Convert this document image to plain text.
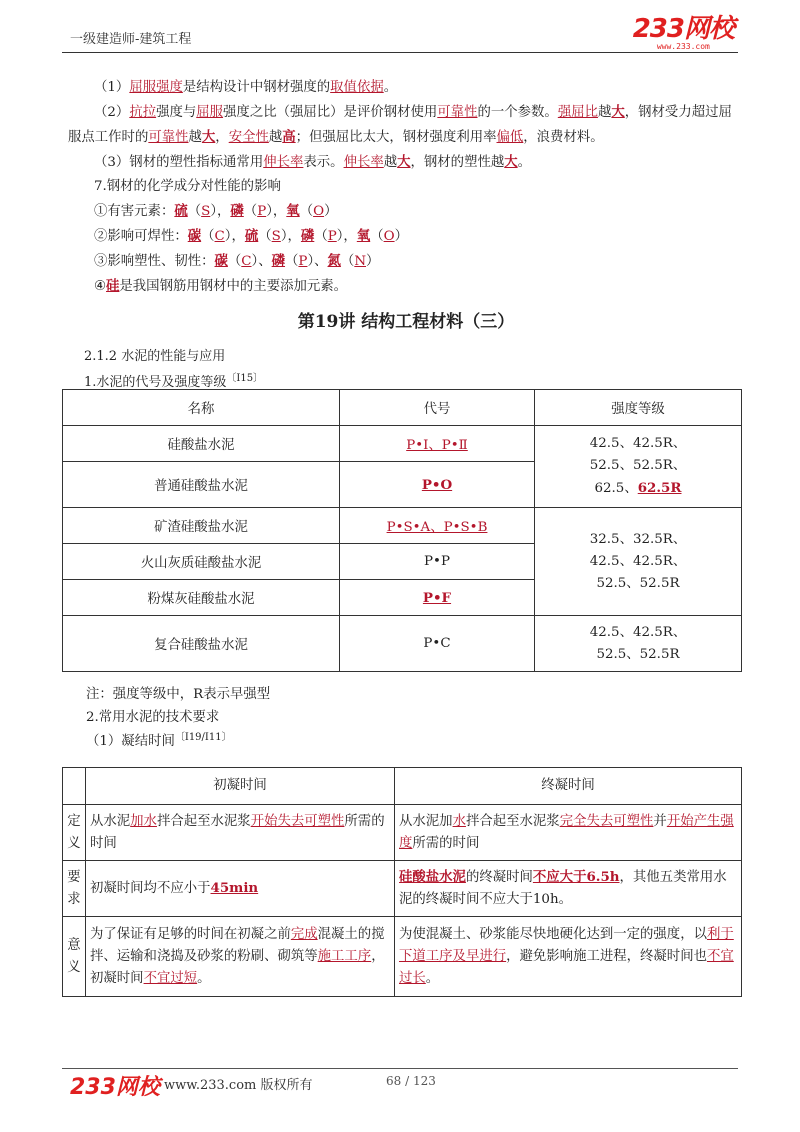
一级建造师-建筑工程	233网校
www.233.com

（1）屈服强度是结构设计中钢材强度的取值依据。

（2）抗拉强度与屈服强度之比（强屈比）是评价钢材使用可靠性的一个参数。强屈比越大，钢材受力超过屈服点工作时的可靠性越大，安全性越高；但强屈比太大，钢材强度利用率偏低，浪费材料。

（3）钢材的塑性指标通常用伸长率表示。伸长率越大，钢材的塑性越大。

7.钢材的化学成分对性能的影响

①有害元素：硫（S），磷（P），氧（O）

②影响可焊性：碳（C），硫（S），磷（P），氧（O）

③影响塑性、韧性：碳（C）、磷（P）、氮（N）

④硅是我国钢筋用钢材中的主要添加元素。

第19讲 结构工程材料（三）

2.1.2 水泥的性能与应用

1.水泥的代号及强度等级$^{〔Ⅰ15〕}$

名称	代号	强度等级
硅酸盐水泥	P•Ⅰ、P•Ⅱ	42.5、42.5R、
52.5、52.5R、
62.5、62.5R

普通硅酸盐水泥	P•O	
矿渣硅酸盐水泥	P•S•A、P•S•B	32.5、32.5R、
42.5、42.5R、
52.5、52.5R

火山灰质硅酸盐水泥	P•P	
粉煤灰硅酸盐水泥	P•F	
复合硅酸盐水泥	P•C	42.5、42.5R、
52.5、52.5R
注：强度等级中，R表示早强型
2.常用水泥的技术要求
（1）凝结时间$^{〔Ⅰ19/Ⅰ11〕}$
	初凝时间	终凝时间

定
义	从水泥加水拌合起至水泥浆开始失去可塑性所需的时间	从水泥加水拌合起至水泥浆完全失去可塑性并开始产生强度所需的时间

要
求	初凝时间均不应小于45min	硅酸盐水泥的终凝时间不应大于6.5h，其他五类常用水泥的终凝时间不应大于10h。

意
义	为了保证有足够的时间在初凝之前完成混凝土的搅拌、运输和浇捣及砂浆的粉刷、砌筑等施工工序，初凝时间不宜过短。	为使混凝土、砂浆能尽快地硬化达到一定的强度，以利于下道工序及早进行，避免影响施工进程，终凝时间也不宜过长。
233网校 www.233.com 版权所有	68 / 123
